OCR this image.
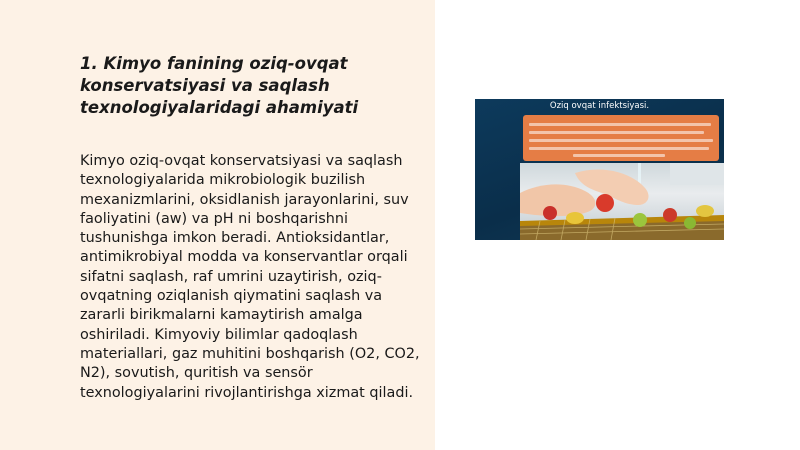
1. Kimyo fanining oziq-ovqat konservatsiyasi va saqlash texnologiyalaridagi ahamiyati

Kimyo oziq-ovqat konservatsiyasi va saqlash texnologiyalarida mikrobiologik buzilish mexanizmlarini, oksidlanish jarayonlarini, suv faoliyatini (aw) va pH ni boshqarishni tushunishga imkon beradi. Antioksidantlar, antimikrobiyal modda va konservantlar orqali sifatni saqlash, raf umrini uzaytirish, oziq-ovqatning oziqlanish qiymatini saqlash va zararli birikmalarni kamaytirish amalga oshiriladi. Kimyoviy bilimlar qadoqlash materiallari, gaz muhitini boshqarish (O2, CO2, N2), sovutish, quritish va sensör texnologiyalarini rivojlantirishga xizmat qiladi.

Oziq ovqat infektsiyasi.
